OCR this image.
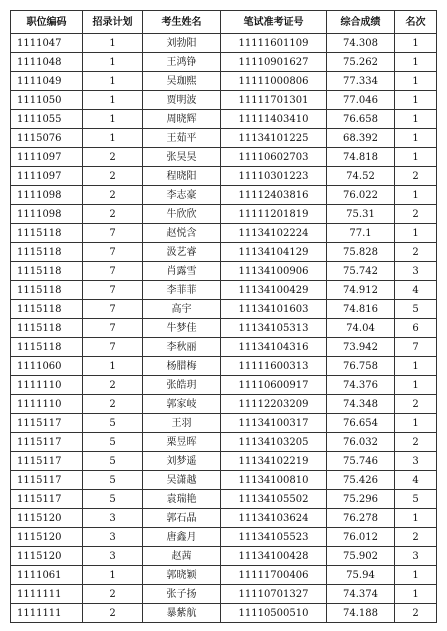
职位编码	招录计划	考生姓名	笔试准考证号	综合成绩	名次
1111047	1	刘勃阳	11111601109	74.308	1
1111048	1	王鸿铮	11110901627	75.262	1
1111049	1	吴珈熙	11111000806	77.334	1
1111050	1	贾明波	11111701301	77.046	1
1111055	1	周晓辉	11111403410	76.658	1
1115076	1	王茹平	11134101225	68.392	1
1111097	2	张昊昊	11110602703	74.818	1
1111097	2	程晓阳	11110301223	74.52	2
1111098	2	李志豪	11112403816	76.022	1
1111098	2	牛欣欣	11111201819	75.31	2
1115118	7	赵悦含	11134102224	77.1	1
1115118	7	汲艺睿	11134104129	75.828	2
1115118	7	肖露雪	11134100906	75.742	3
1115118	7	李菲菲	11134100429	74.912	4
1115118	7	高宇	11134101603	74.816	5
1115118	7	牛梦佳	11134105313	74.04	6
1115118	7	李秋丽	11134104316	73.942	7
1111060	1	杨腊梅	11111600313	76.758	1
1111110	2	张皓玥	11110600917	74.376	1
1111110	2	郭家岐	11112203209	74.348	2
1115117	5	王羽	11134100317	76.654	1
1115117	5	栗昱晖	11134103205	76.032	2
1115117	5	刘梦遥	11134102219	75.746	3
1115117	5	吴潇越	11134100810	75.426	4
1115117	5	袁瑞艳	11134105502	75.296	5
1115120	3	郭石晶	11134103624	76.278	1
1115120	3	唐鑫月	11134105523	76.012	2
1115120	3	赵茜	11134100428	75.902	3
1111061	1	郭晓颖	11111700406	75.94	1
1111111	2	张子扬	11110701327	74.374	1
1111111	2	暴紫航	11110500510	74.188	2
